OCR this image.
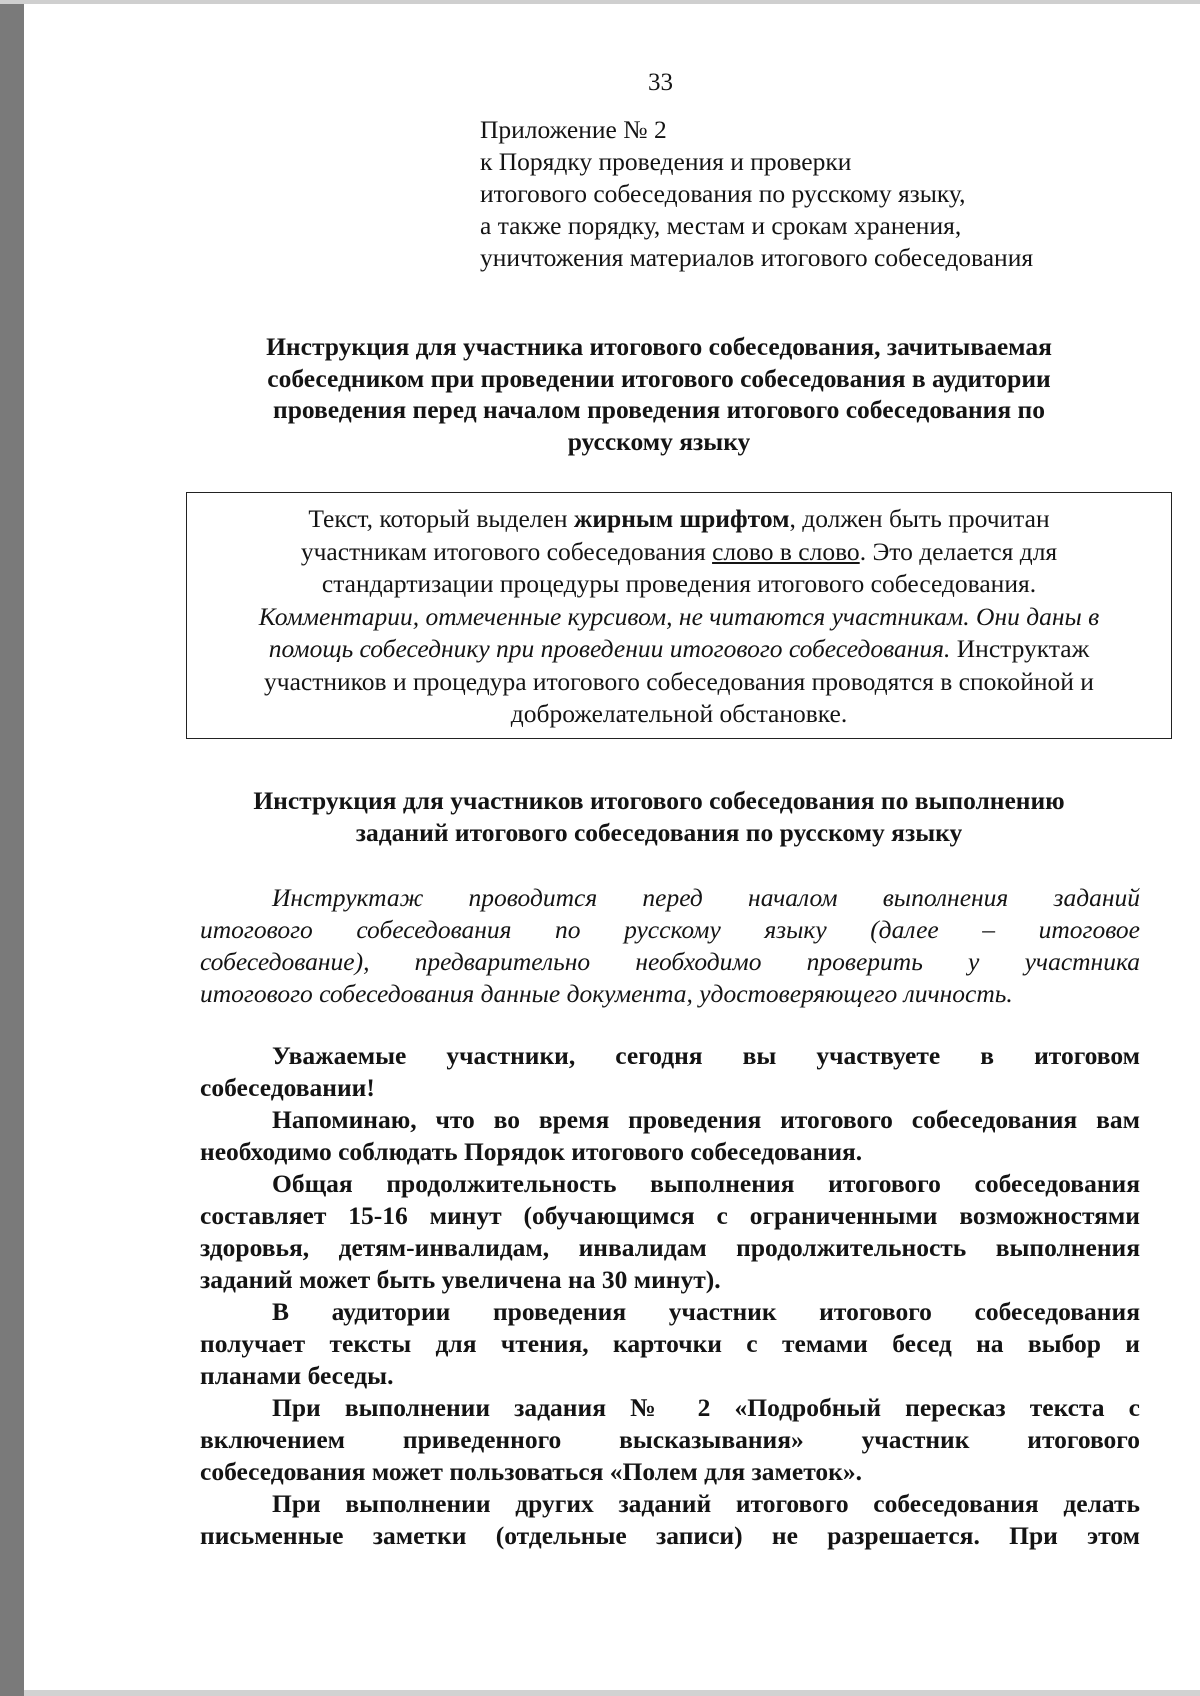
33
Приложение № 2
к Порядку проведения и проверки
итогового собеседования по русскому языку,
а также порядку, местам и срокам хранения,
уничтожения материалов итогового собеседования
Инструкция для участника итогового собеседования, зачитываемая
собеседником при проведении итогового собеседования в аудитории
проведения перед началом проведения итогового собеседования по
русскому языку
Текст, который выделен жирным шрифтом, должен быть прочитан
участникам итогового собеседования слово в слово. Это делается для
стандартизации процедуры проведения итогового собеседования.
Комментарии, отмеченные курсивом, не читаются участникам. Они даны в
помощь собеседнику при проведении итогового собеседования. Инструктаж
участников и процедура итогового собеседования проводятся в спокойной и
доброжелательной обстановке.
Инструкция для участников итогового собеседования по выполнению
заданий итогового собеседования по русскому языку
Инструктаж проводится перед началом выполнения заданий
итогового собеседования по русскому языку (далее – итоговое
собеседование), предварительно необходимо проверить у участника
итогового собеседования данные документа, удостоверяющего личность.
Уважаемые участники, сегодня вы участвуете в итоговом
собеседовании!
Напоминаю, что во время проведения итогового собеседования вам
необходимо соблюдать Порядок итогового собеседования.
Общая продолжительность выполнения итогового собеседования
составляет 15-16 минут (обучающимся с ограниченными возможностями
здоровья, детям-инвалидам, инвалидам продолжительность выполнения
заданий может быть увеличена на 30 минут).
В аудитории проведения участник итогового собеседования
получает тексты для чтения, карточки с темами бесед на выбор и
планами беседы.
При выполнении задания № 2 «Подробный пересказ текста с
включением приведенного высказывания» участник итогового
собеседования может пользоваться «Полем для заметок».
При выполнении других заданий итогового собеседования делать
письменные заметки (отдельные записи) не разрешается. При этом
